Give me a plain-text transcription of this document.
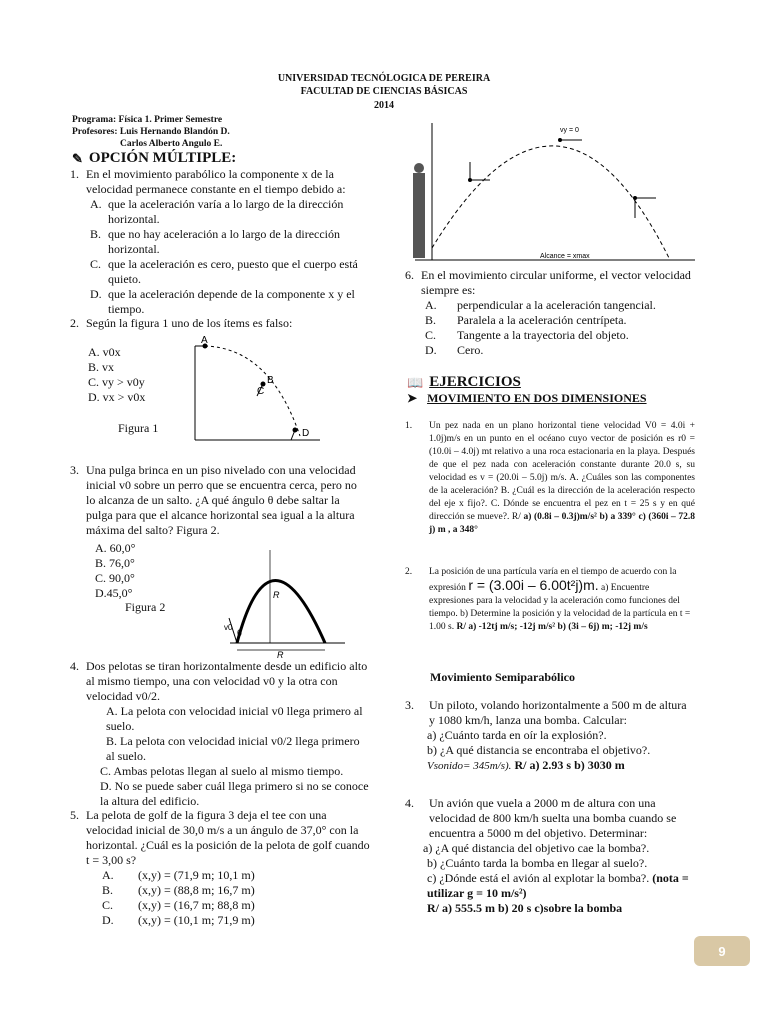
UNIVERSIDAD TECNÓLOGICA DE PEREIRA
FACULTAD DE CIENCIAS BÁSICAS
2014
Programa: Física 1. Primer Semestre
Profesores: Luis Hernando Blandón D.
Carlos Alberto Angulo E.
✎ OPCIÓN MÚLTIPLE:
1. En el movimiento parabólico la componente x de la velocidad permanece constante en el tiempo debido a:
A. que la aceleración varía a lo largo de la dirección horizontal.
B. que no hay aceleración a lo largo de la dirección horizontal.
C. que la aceleración es cero, puesto que el cuerpo está quieto.
D. que la aceleración depende de la componente x y el tiempo.
2. Según la figura 1 uno de los ítems es falso:
A. v0x
B. vx
C. vy > v0y
D. vx > v0x
Figura 1
A
B
C
D
3. Una pulga brinca en un piso nivelado con una velocidad inicial v0 sobre un perro que se encuentra cerca, pero no lo alcanza de un salto. ¿A qué ángulo θ debe saltar la pulga para que el alcance horizontal sea igual a la altura máxima del salto? Figura 2.
A. 60,0°
B. 76,0°
C. 90,0°
D.45,0°
Figura 2
R
R
θ
v0
4. Dos pelotas se tiran horizontalmente desde un edificio alto al mismo tiempo, una con velocidad v0 y la otra con velocidad v0/2.
A. La pelota con velocidad inicial v0 llega primero al suelo.
B. La pelota con velocidad inicial v0/2 llega primero al suelo.
C. Ambas pelotas llegan al suelo al mismo tiempo.
D. No se puede saber cuál llega primero si no se conoce la altura del edificio.
5. La pelota de golf de la figura 3 deja el tee con una velocidad inicial de 30,0 m/s a un ángulo de 37,0° con la horizontal. ¿Cuál es la posición de la pelota de golf cuando t = 3,00 s?
A.	(x,y) = (71,9 m; 10,1 m)
B.	(x,y) = (88,8 m; 16,7 m)
C.	(x,y) = (16,7 m; 88,8 m)
D.	(x,y) = (10,1 m; 71,9 m)
vy = 0
Alcance = xmax
6. En el movimiento circular uniforme, el vector velocidad siempre es:
A.	perpendicular a la aceleración tangencial.
B.	Paralela a la aceleración centrípeta.
C.	Tangente a la trayectoria del objeto.
D.	Cero.
📖 EJERCICIOS
➤ MOVIMIENTO EN DOS DIMENSIONES
1.	Un pez nada en un plano horizontal tiene velocidad V0 = 4.0i + 1.0j)m/s en un punto en el océano cuyo vector de posición es r0 = (10.0i – 4.0j) mt relativo a una roca estacionaria en la playa. Después de que el pez nada con aceleración constante durante 20.0 s, su velocidad es v = (20.0i – 5.0j) m/s. A. ¿Cuáles son las componentes de la aceleración? B. ¿Cuál es la dirección de la aceleración respecto del eje x fijo?. C. Dónde se encuentra el pez en t = 25 s y en qué dirección se mueve?. R/ a) (0.8i – 0.3j)m/s² b) a 339° c) (360i – 72.8 j) m , a 348°
2.	La posición de una partícula varía en el tiempo de acuerdo con la expresión r = (3.00i – 6.00t²j)m. a) Encuentre expresiones para la velocidad y la aceleración como funciones del tiempo. b) Determine la posición y la velocidad de la partícula en t = 1.00 s. R/ a) -12tj m/s; -12j m/s² b) (3i – 6j) m; -12j m/s
Movimiento Semiparabólico
3.	Un piloto, volando horizontalmente a 500 m de altura y 1080 km/h, lanza una bomba. Calcular:
a) ¿Cuánto tarda en oír la explosión?.
b) ¿A qué distancia se encontraba el objetivo?.
Vsonido= 345m/s). R/ a) 2.93 s b) 3030 m
4.	Un avión que vuela a 2000 m de altura con una velocidad de 800 km/h suelta una bomba cuando se encuentra a 5000 m del objetivo. Determinar:
a) ¿A qué distancia del objetivo cae la bomba?.
b) ¿Cuánto tarda la bomba en llegar al suelo?.
c) ¿Dónde está el avión al explotar la bomba?. (nota = utilizar g = 10 m/s²)
R/ a) 555.5 m b) 20 s c)sobre la bomba
9
